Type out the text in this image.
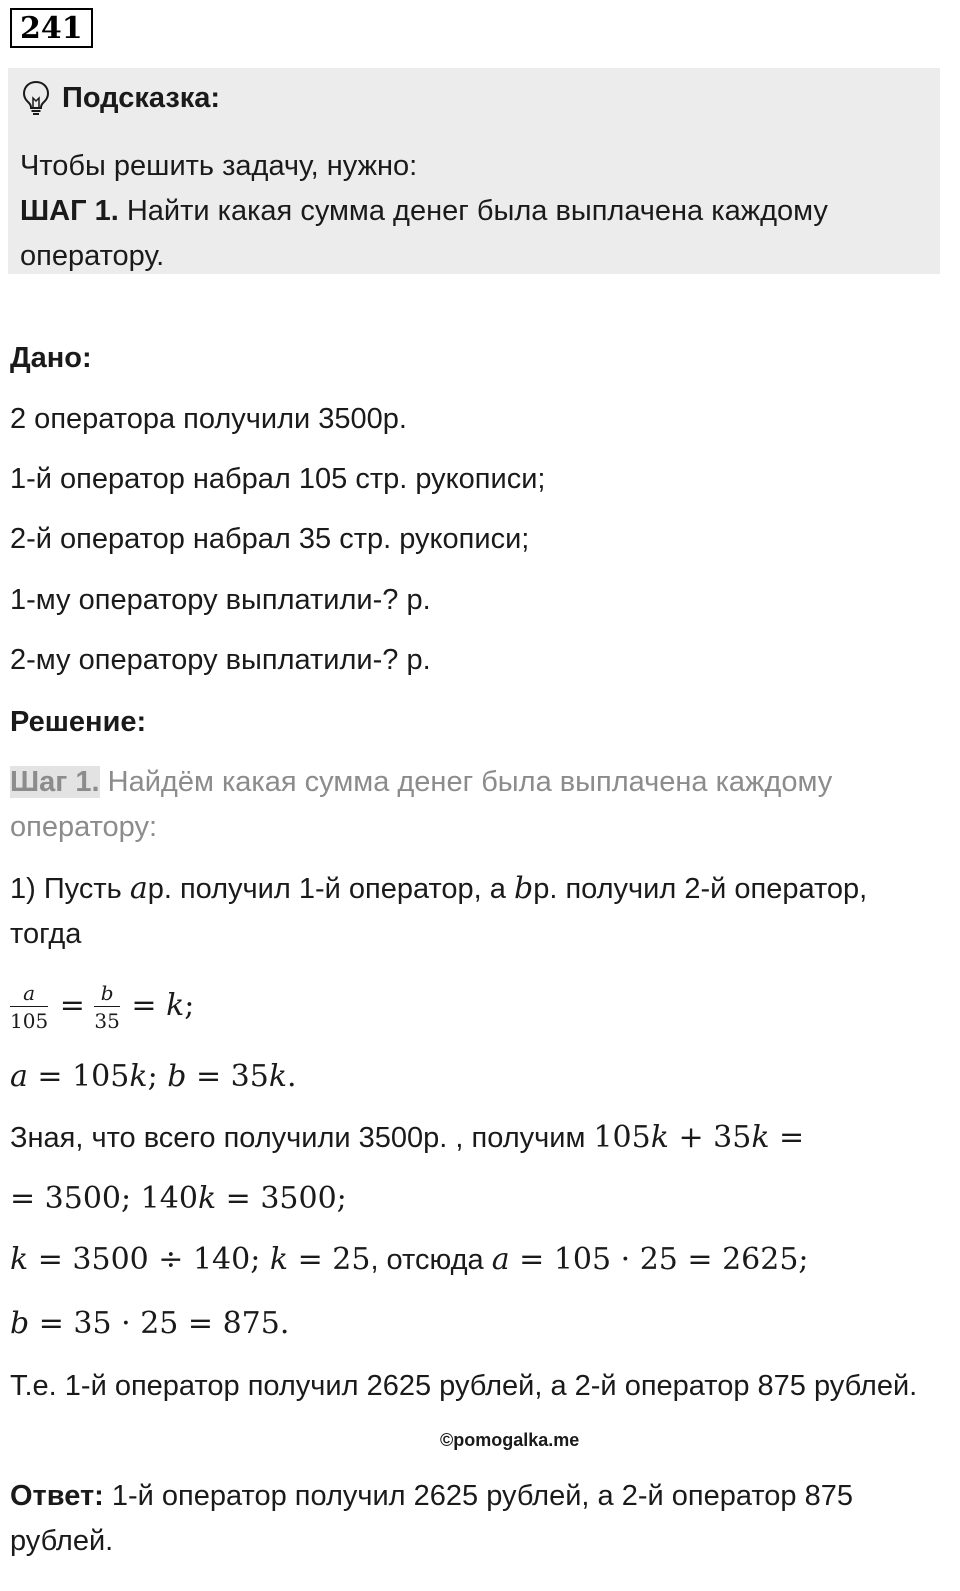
241
Подсказка:
Чтобы решить задачу, нужно:
ШАГ 1. Найти какая сумма денег была выплачена каждому оператору.
Дано:
2 оператора получили 3500р.
1-й оператор набрал 105 стр. рукописи;
2-й оператор набрал 35 стр. рукописи;
1-му оператору выплатили-? р.
2-му оператору выплатили-? р.
Решение:
Шаг 1. Найдём какая сумма денег была выплачена каждому оператору:
1) Пусть aр. получил 1-й оператор, а bр. получил 2-й оператор, тогда
$\frac{a}{105} = \frac{b}{35} = k$;
a = 105k; b = 35k.
Зная, что всего получили 3500р. , получим 105k + 35k =
= 3500; 140k = 3500;
k = 3500 ÷ 140; k = 25, отсюда a = 105 · 25 = 2625;
b = 35 · 25 = 875.
Т.е. 1-й оператор получил 2625 рублей, а 2-й оператор 875 рублей.
©pomogalka.me
Ответ: 1-й оператор получил 2625 рублей, а 2-й оператор 875 рублей.
